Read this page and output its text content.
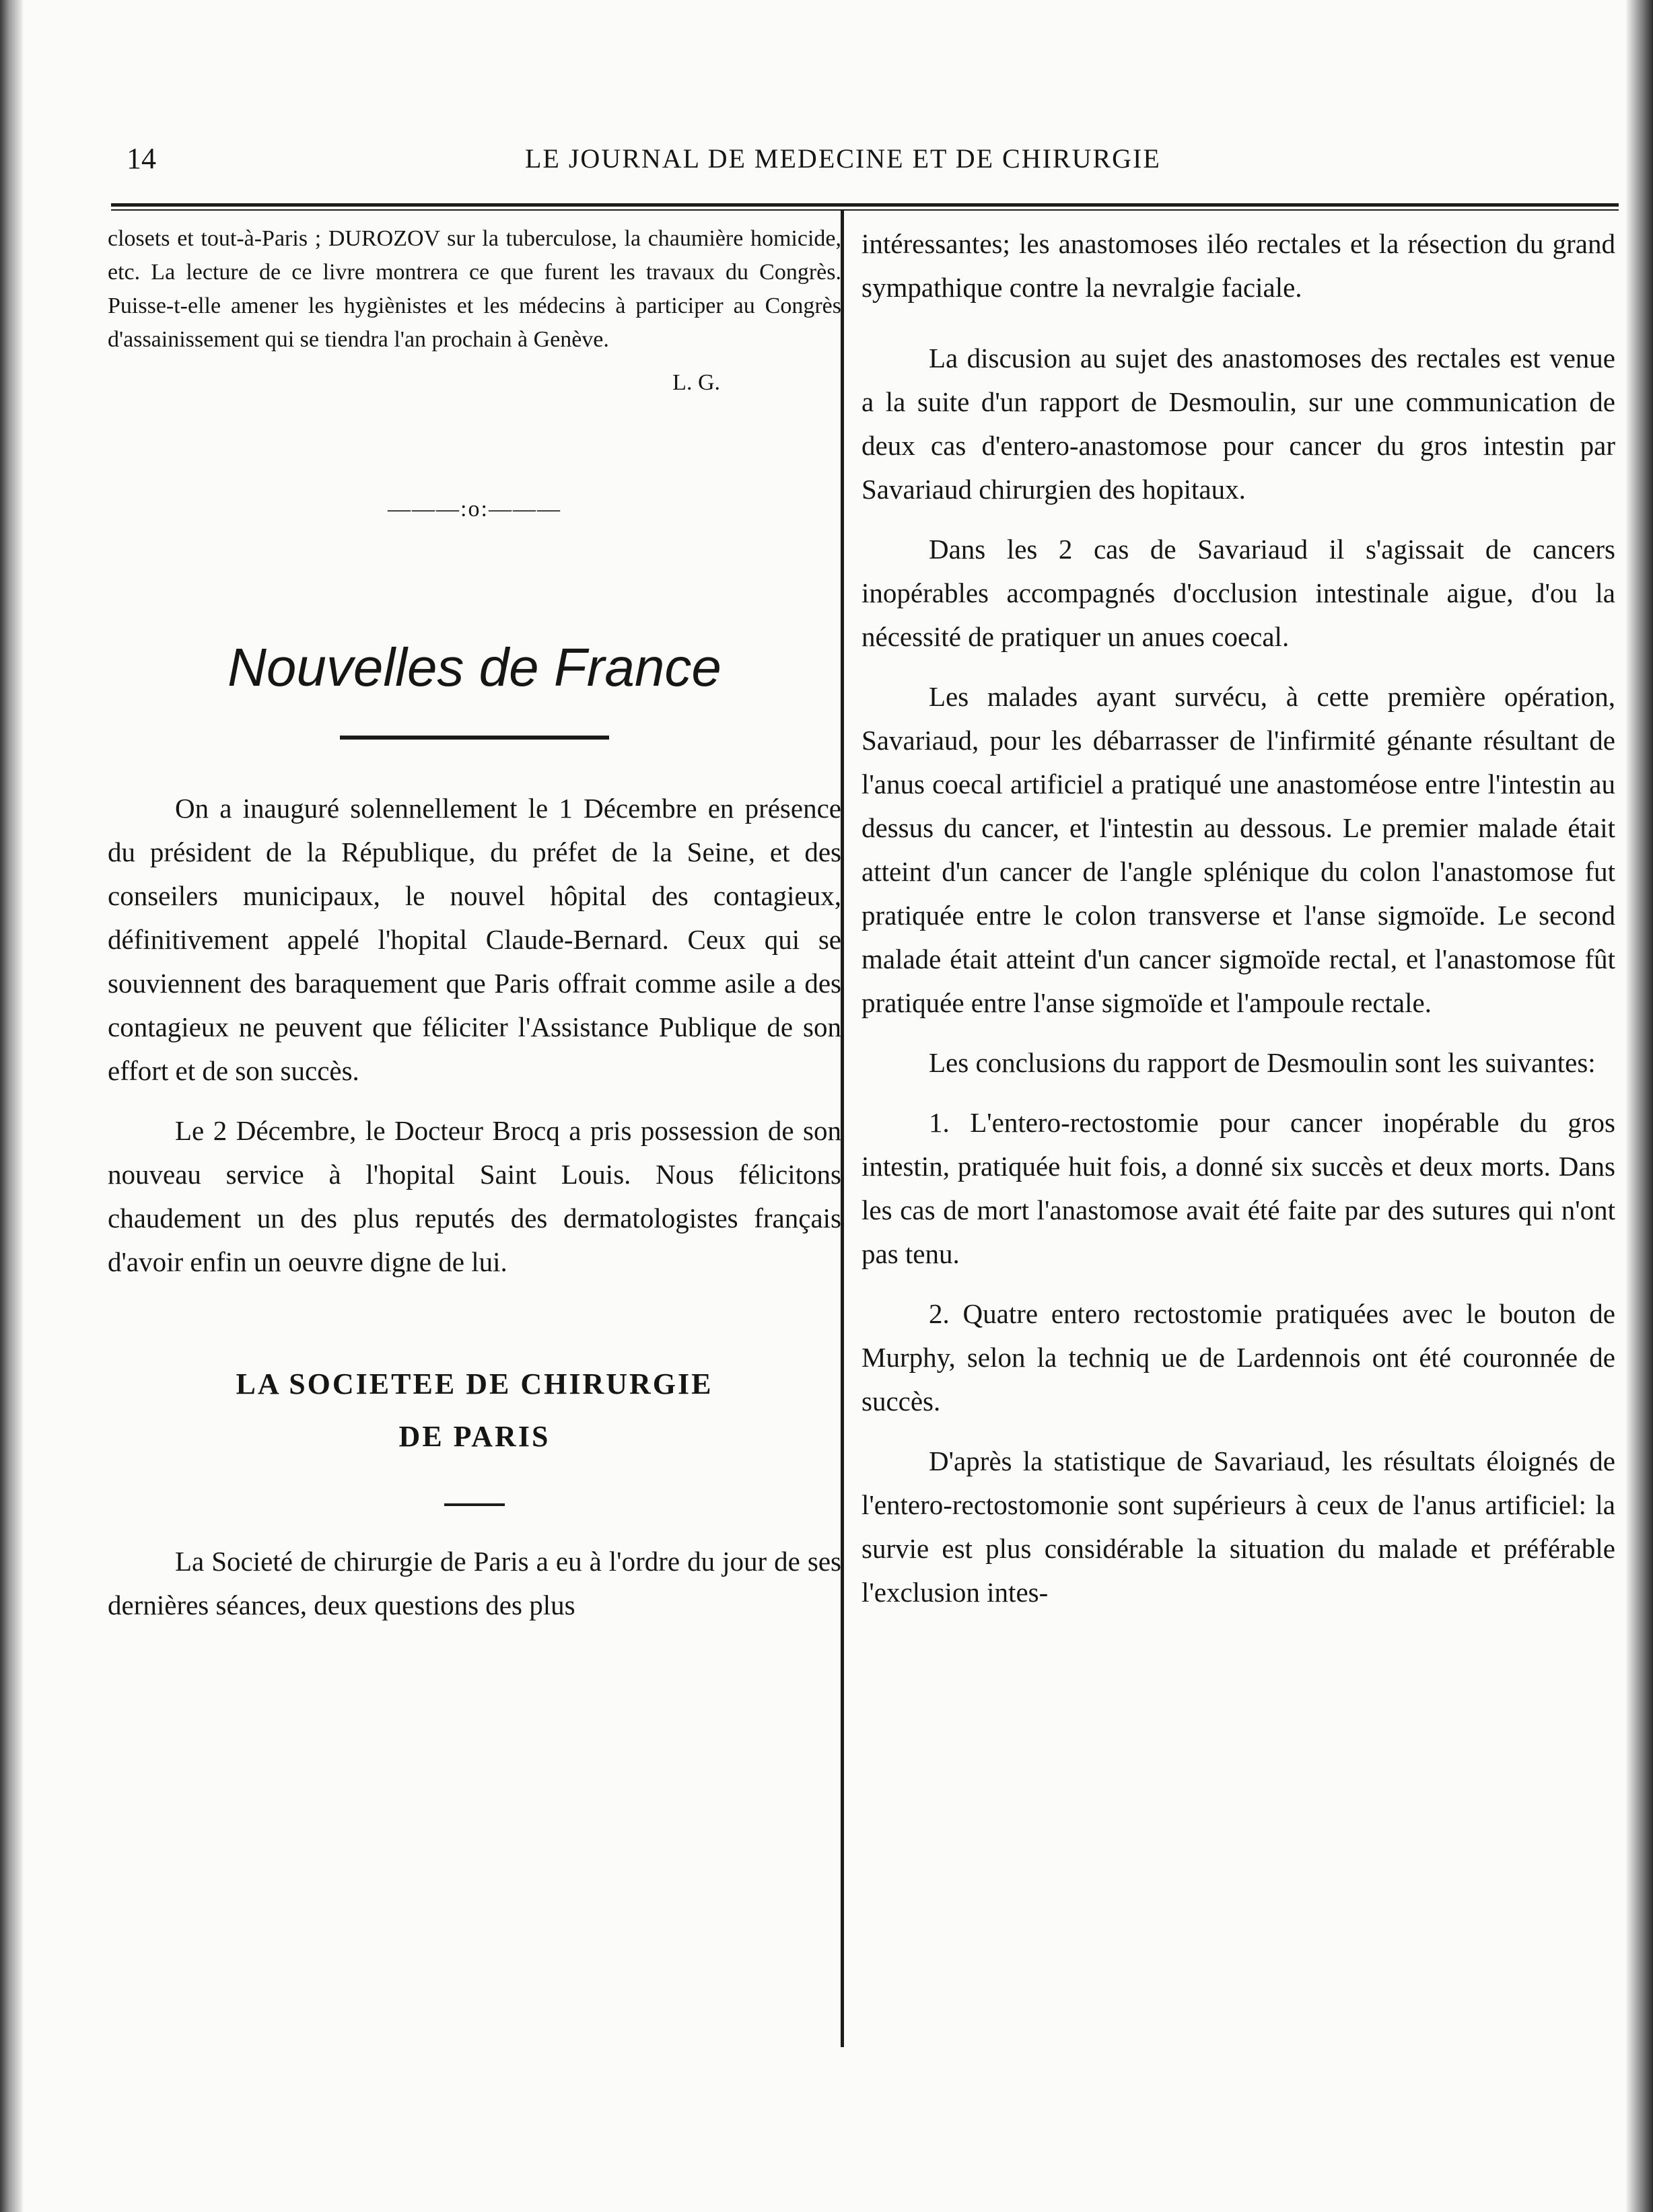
14	LE JOURNAL DE MEDECINE ET DE CHIRURGIE

closets et tout-à-Paris ; DUROZOV sur la tuberculose, la chaumière homicide, etc. La lecture de ce livre montrera ce que furent les travaux du Congrès. Puisse-t-elle amener les hygiènistes et les médecins à participer au Congrès d'assainissement qui se tiendra l'an prochain à Genève.

L. G.
———:o:———
Nouvelles de France

On a inauguré solennellement le 1 Décembre en présence du président de la République, du préfet de la Seine, et des conseilers municipaux, le nouvel hôpital des contagieux, définitivement appelé l'hopital Claude-Bernard. Ceux qui se souviennent des baraquement que Paris offrait comme asile a des contagieux ne peuvent que féliciter l'Assistance Publique de son effort et de son succès.

Le 2 Décembre, le Docteur Brocq a pris possession de son nouveau service à l'hopital Saint Louis. Nous félicitons chaudement un des plus reputés des dermatologistes français d'avoir enfin un oeuvre digne de lui.

LA SOCIETEE DE CHIRURGIE
DE PARIS

La Societé de chirurgie de Paris a eu à l'ordre du jour de ses dernières séances, deux questions des plus

intéressantes; les anastomoses iléo rectales et la résection du grand sympathique contre la nevralgie faciale.

La discusion au sujet des anastomoses des rectales est venue a la suite d'un rapport de Desmoulin, sur une communication de deux cas d'entero-anastomose pour cancer du gros intestin par Savariaud chirurgien des hopitaux.

Dans les 2 cas de Savariaud il s'agissait de cancers inopérables accompagnés d'occlusion intestinale aigue, d'ou la nécessité de pratiquer un anues coecal.

Les malades ayant survécu, à cette première opération, Savariaud, pour les débarrasser de l'infirmité génante résultant de l'anus coecal artificiel a pratiqué une anastoméose entre l'intestin au dessus du cancer, et l'intestin au dessous. Le premier malade était atteint d'un cancer de l'angle splénique du colon l'anastomose fut pratiquée entre le colon transverse et l'anse sigmoïde. Le second malade était atteint d'un cancer sigmoïde rectal, et l'anastomose fût pratiquée entre l'anse sigmoïde et l'ampoule rectale.

Les conclusions du rapport de Desmoulin sont les suivantes:

1. L'entero-rectostomie pour cancer inopérable du gros intestin, pratiquée huit fois, a donné six succès et deux morts. Dans les cas de mort l'anastomose avait été faite par des sutures qui n'ont pas tenu.

2. Quatre entero rectostomie pratiquées avec le bouton de Murphy, selon la techniq ue de Lardennois ont été couronnée de succès.

D'après la statistique de Savariaud, les résultats éloignés de l'entero-rectostomonie sont supérieurs à ceux de l'anus artificiel: la survie est plus considérable la situation du malade et préférable l'exclusion intes-
